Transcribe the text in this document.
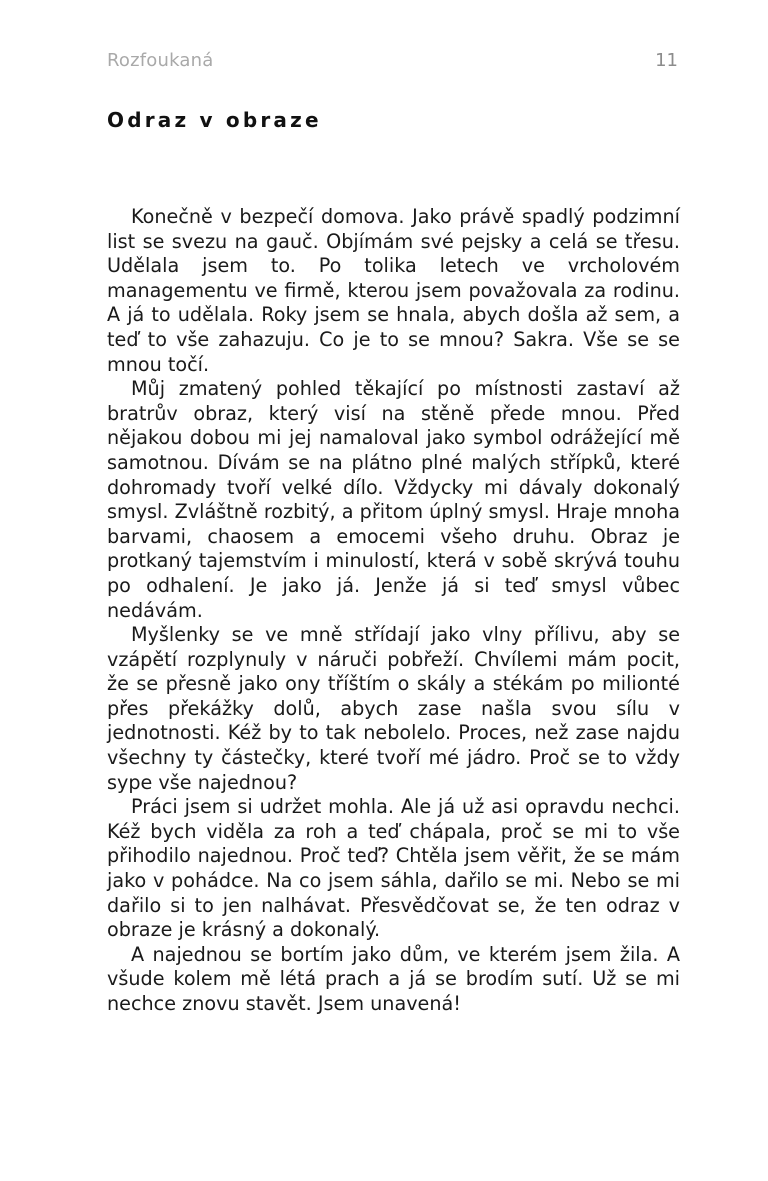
Rozfoukaná	11
Odraz v obraze

Konečně v bezpečí domova. Jako právě spadlý podzimní list se svezu na gauč. Objímám své pejsky a celá se třesu. Udělala jsem to. Po tolika letech ve vrcholovém managementu ve firmě, kterou jsem považovala za rodinu. A já to udělala. Roky jsem se hnala, abych došla až sem, a teď to vše zahazuju. Co je to se mnou? Sakra. Vše se se mnou točí.

Můj zmatený pohled těkající po místnosti zastaví až bratrův obraz, který visí na stěně přede mnou. Před nějakou dobou mi jej namaloval jako symbol odrážející mě samotnou. Dívám se na plátno plné malých střípků, které dohromady tvoří velké dílo. Vždycky mi dávaly dokonalý smysl. Zvláštně rozbitý, a přitom úplný smysl. Hraje mnoha barvami, chaosem a emocemi všeho druhu. Obraz je protkaný tajemstvím i minulostí, která v sobě skrývá touhu po odhalení. Je jako já. Jenže já si teď smysl vůbec nedávám.

Myšlenky se ve mně střídají jako vlny přílivu, aby se vzápětí rozplynuly v náruči pobřeží. Chvílemi mám pocit, že se přesně jako ony tříštím o skály a stékám po milionté přes překážky dolů, abych zase našla svou sílu v jednotnosti. Kéž by to tak nebolelo. Proces, než zase najdu všechny ty částečky, které tvoří mé jádro. Proč se to vždy sype vše najednou?

Práci jsem si udržet mohla. Ale já už asi opravdu nechci. Kéž bych viděla za roh a teď chápala, proč se mi to vše přihodilo najednou. Proč teď? Chtěla jsem věřit, že se mám jako v pohádce. Na co jsem sáhla, dařilo se mi. Nebo se mi dařilo si to jen nalhávat. Přesvědčovat se, že ten odraz v obraze je krásný a dokonalý.

A najednou se bortím jako dům, ve kterém jsem žila. A všude kolem mě létá prach a já se brodím sutí. Už se mi nechce znovu stavět. Jsem unavená!
